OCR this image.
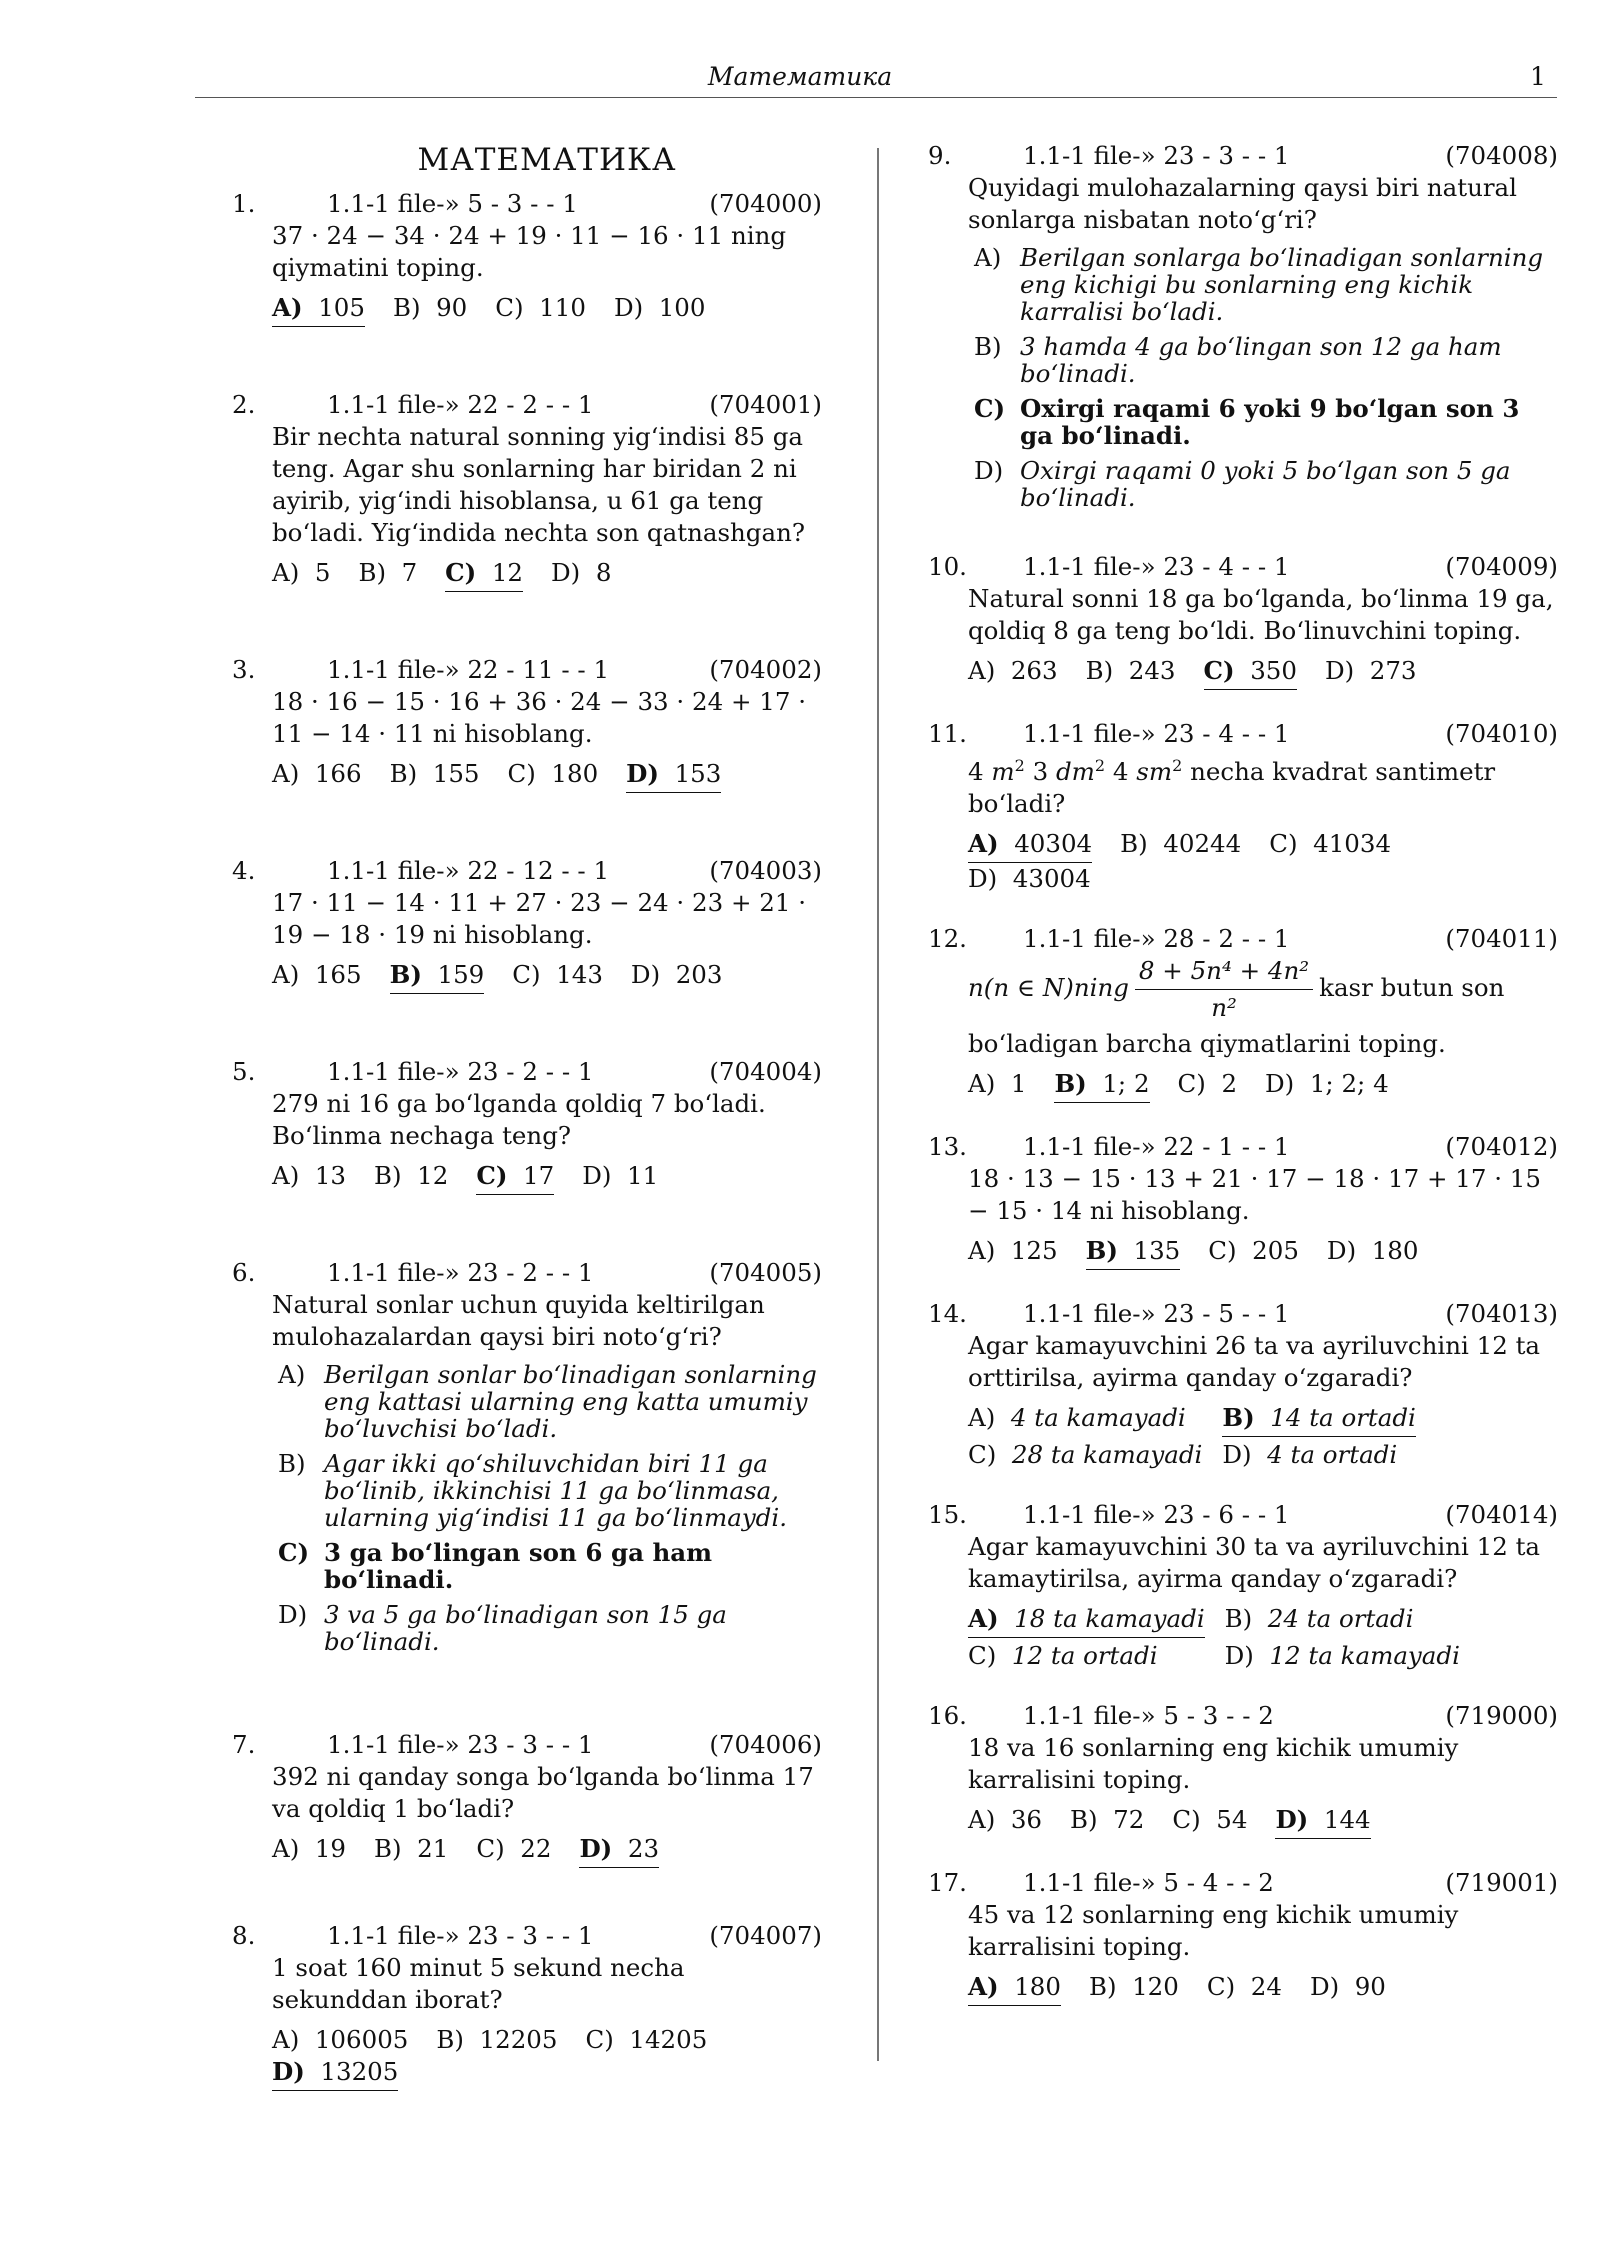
Математика	1
МАТЕМАТИКА
1.	1.1-1 file-» 5 - 3 - - 1	(704000)
37 · 24 − 34 · 24 + 19 · 11 − 16 · 11 ning qiymatini toping.
A) 105 B) 90 C) 110 D) 100
2.	1.1-1 file-» 22 - 2 - - 1	(704001)
Bir nechta natural sonning yig‘indisi 85 ga teng. Agar shu sonlarning har biridan 2 ni ayirib, yig‘indi hisoblansa, u 61 ga teng bo‘ladi. Yig‘indida nechta son qatnashgan?
A) 5 B) 7 C) 12 D) 8
3.	1.1-1 file-» 22 - 11 - - 1	(704002)
18 · 16 − 15 · 16 + 36 · 24 − 33 · 24 + 17 · 11 − 14 · 11 ni hisoblang.
A) 166 B) 155 C) 180 D) 153
4.	1.1-1 file-» 22 - 12 - - 1	(704003)
17 · 11 − 14 · 11 + 27 · 23 − 24 · 23 + 21 · 19 − 18 · 19 ni hisoblang.
A) 165 B) 159 C) 143 D) 203
5.	1.1-1 file-» 23 - 2 - - 1	(704004)
279 ni 16 ga bo‘lganda qoldiq 7 bo‘ladi. Bo‘linma nechaga teng?
A) 13 B) 12 C) 17 D) 11
6.	1.1-1 file-» 23 - 2 - - 1	(704005)
Natural sonlar uchun quyida keltirilgan mulohazalardan qaysi biri noto‘g‘ri?
A) Berilgan sonlar bo‘linadigan sonlarning eng kattasi ularning eng katta umumiy bo‘luvchisi bo‘ladi.
B) Agar ikki qo‘shiluvchidan biri 11 ga bo‘linib, ikkinchisi 11 ga bo‘linmasa, ularning yig‘indisi 11 ga bo‘linmaydi.
C) 3 ga bo‘lingan son 6 ga ham bo‘linadi.
D) 3 va 5 ga bo‘linadigan son 15 ga bo‘linadi.
7.	1.1-1 file-» 23 - 3 - - 1	(704006)
392 ni qanday songa bo‘lganda bo‘linma 17 va qoldiq 1 bo‘ladi?
A) 19 B) 21 C) 22 D) 23
8.	1.1-1 file-» 23 - 3 - - 1	(704007)
1 soat 160 minut 5 sekund necha sekunddan iborat?
A) 106005 B) 12205 C) 14205D) 13205
9.	1.1-1 file-» 23 - 3 - - 1	(704008)
Quyidagi mulohazalarning qaysi biri natural sonlarga nisbatan noto‘g‘ri?
A) Berilgan sonlarga bo‘linadigan sonlarning eng kichigi bu sonlarning eng kichik karralisi bo‘ladi.
B) 3 hamda 4 ga bo‘lingan son 12 ga ham bo‘linadi.
C) Oxirgi raqami 6 yoki 9 bo‘lgan son 3 ga bo‘linadi.
D) Oxirgi raqami 0 yoki 5 bo‘lgan son 5 ga bo‘linadi.
10. 1.1-1 file-» 23 - 4 - - 1	(704009)
Natural sonni 18 ga bo‘lganda, bo‘linma 19 ga, qoldiq 8 ga teng bo‘ldi. Bo‘linuvchini toping.
A) 263 B) 243 C) 350 D) 273
11. 1.1-1 file-» 23 - 4 - - 1	(704010)
4 $m^2$ 3 $dm^2$ 4 $sm^2$ necha kvadrat santimetr bo‘ladi?
A) 40304 B) 40244 C) 41034D) 43004
12. 1.1-1 file-» 28 - 2 - - 1	(704011)
n(n ∈ N)ning $\frac{\text{8 + 5n⁴ + 4n²}}{\text{n²}}$ kasr butun son
bo‘ladigan barcha qiymatlarini toping.
A) 1 B) 1; 2 C) 2 D) 1; 2; 4
13. 1.1-1 file-» 22 - 1 - - 1	(704012)
18 · 13 − 15 · 13 + 21 · 17 − 18 · 17 + 17 · 15 − 15 · 14 ni hisoblang.
A) 125 B) 135 C) 205 D) 180
14. 1.1-1 file-» 23 - 5 - - 1	(704013)
Agar kamayuvchini 26 ta va ayriluvchini 12 ta orttirilsa, ayirma qanday o‘zgaradi?
A) 4 ta kamayadi	B) 14 ta ortadi
C) 28 ta kamayadi D) 4 ta ortadi
15. 1.1-1 file-» 23 - 6 - - 1	(704014)
Agar kamayuvchini 30 ta va ayriluvchini 12 ta kamaytirilsa, ayirma qanday o‘zgaradi?
A) 18 ta kamayadi B) 24 ta ortadi
C) 12 ta ortadi	D) 12 ta kamayadi
16. 1.1-1 file-» 5 - 3 - - 2	(719000)
18 va 16 sonlarning eng kichik umumiy karralisini toping.
A) 36 B) 72 C) 54 D) 144
17. 1.1-1 file-» 5 - 4 - - 2	(719001)
45 va 12 sonlarning eng kichik umumiy karralisini toping.
A) 180 B) 120 C) 24 D) 90
